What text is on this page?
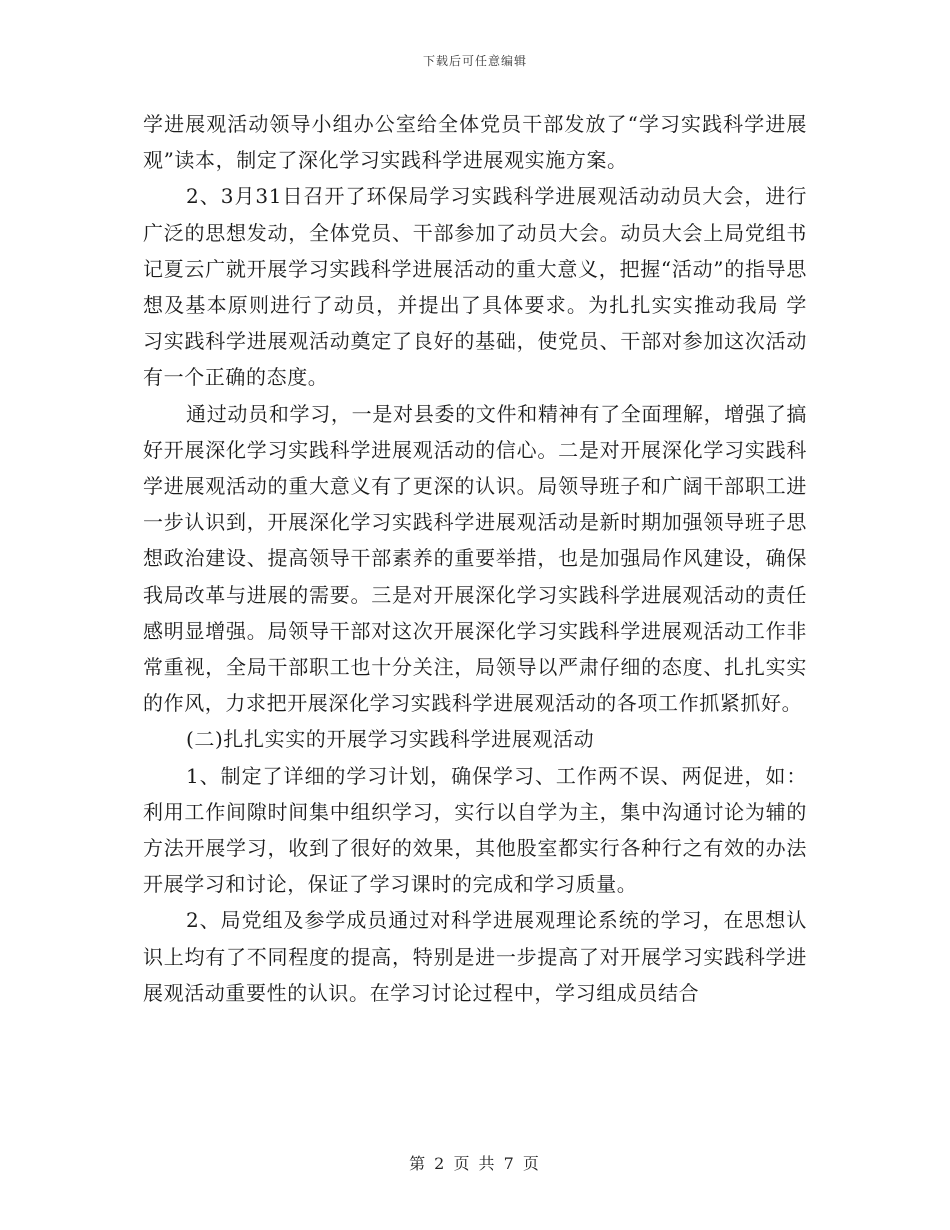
下载后可任意编辑

学进展观活动领导小组办公室给全体党员干部发放了“学习实践科学进展观”读本，制定了深化学习实践科学进展观实施方案。

2、3月31日召开了环保局学习实践科学进展观活动动员大会，进行广泛的思想发动，全体党员、干部参加了动员大会。动员大会上局党组书记夏云广就开展学习实践科学进展活动的重大意义，把握“活动”的指导思想及基本原则进行了动员，并提出了具体要求。为扎扎实实推动我局 学习实践科学进展观活动奠定了良好的基础，使党员、干部对参加这次活动有一个正确的态度。

通过动员和学习，一是对县委的文件和精神有了全面理解，增强了搞好开展深化学习实践科学进展观活动的信心。二是对开展深化学习实践科学进展观活动的重大意义有了更深的认识。局领导班子和广阔干部职工进一步认识到，开展深化学习实践科学进展观活动是新时期加强领导班子思想政治建设、提高领导干部素养的重要举措，也是加强局作风建设，确保我局改革与进展的需要。三是对开展深化学习实践科学进展观活动的责任感明显增强。局领导干部对这次开展深化学习实践科学进展观活动工作非常重视，全局干部职工也十分关注，局领导以严肃仔细的态度、扎扎实实的作风，力求把开展深化学习实践科学进展观活动的各项工作抓紧抓好。

(二)扎扎实实的开展学习实践科学进展观活动

1、制定了详细的学习计划，确保学习、工作两不误、两促进，如：利用工作间隙时间集中组织学习，实行以自学为主，集中沟通讨论为辅的方法开展学习，收到了很好的效果，其他股室都实行各种行之有效的办法开展学习和讨论，保证了学习课时的完成和学习质量。

2、局党组及参学成员通过对科学进展观理论系统的学习，在思想认识上均有了不同程度的提高，特别是进一步提高了对开展学习实践科学进展观活动重要性的认识。在学习讨论过程中，学习组成员结合

第 2 页 共 7 页
